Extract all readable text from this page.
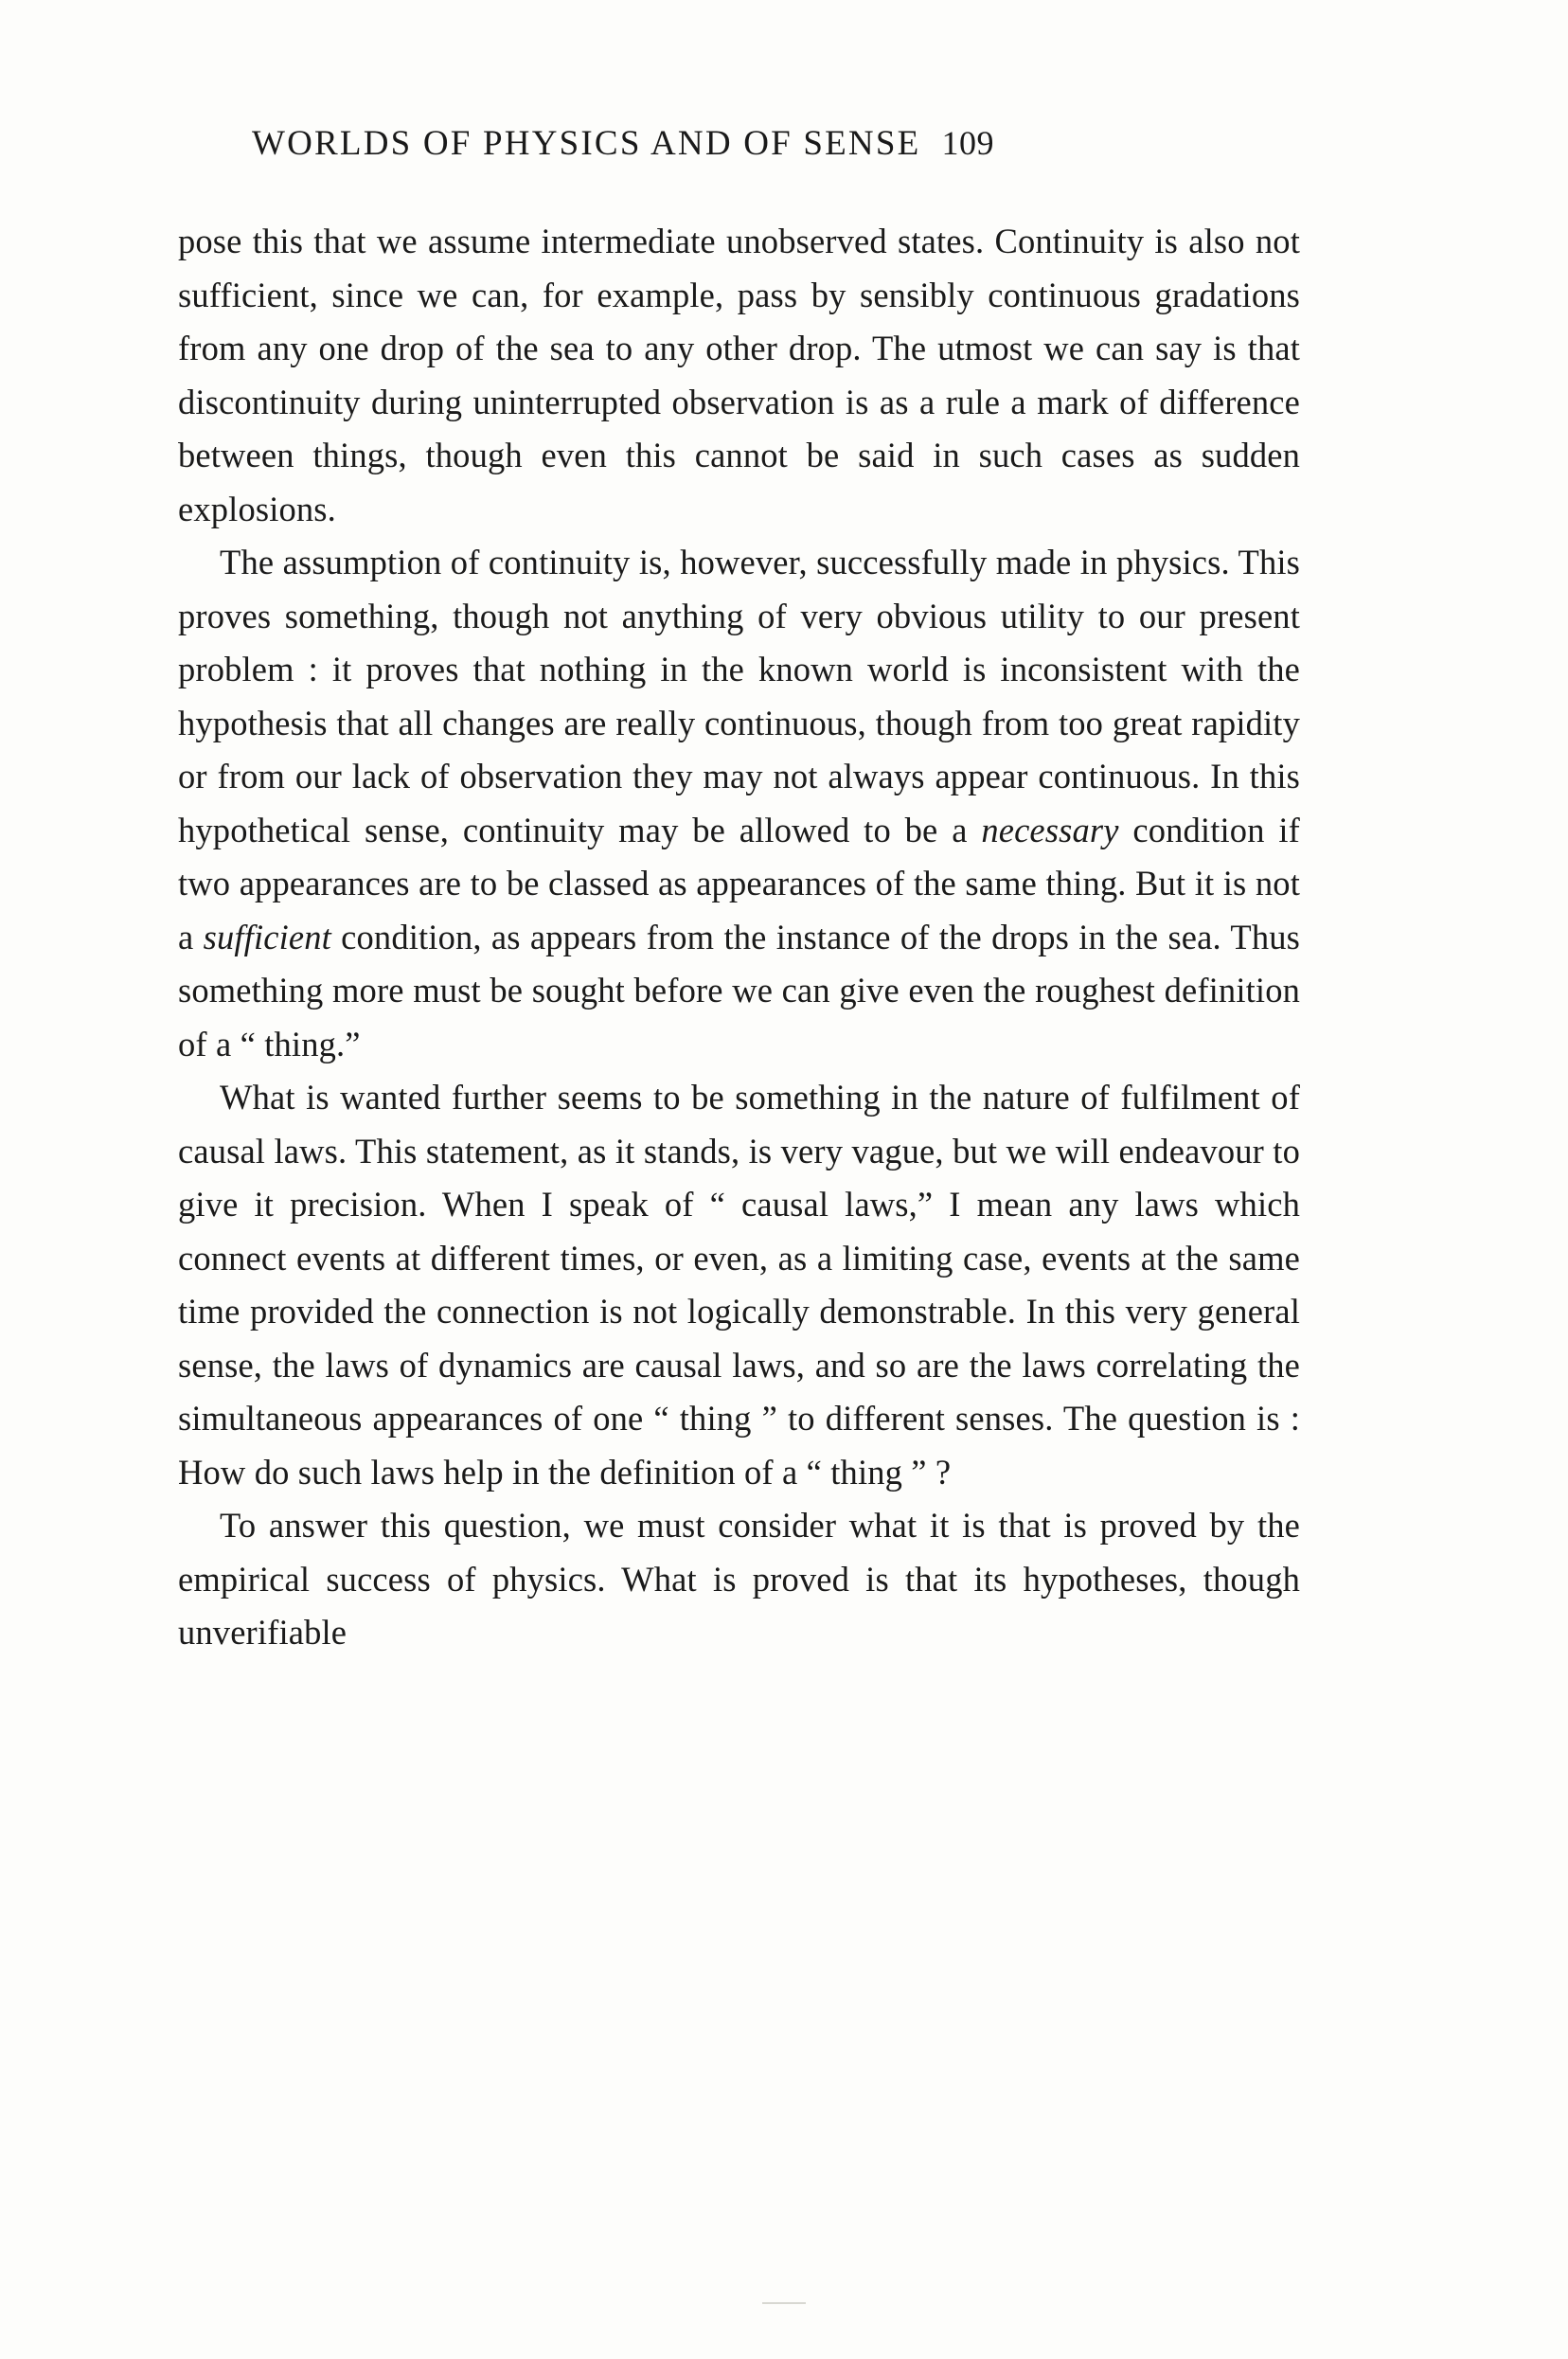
WORLDS OF PHYSICS AND OF SENSE 109

pose this that we assume intermediate unobserved states. Continuity is also not sufficient, since we can, for example, pass by sensibly continuous gradations from any one drop of the sea to any other drop. The utmost we can say is that discontinuity during uninterrupted observation is as a rule a mark of difference between things, though even this cannot be said in such cases as sudden explosions.

The assumption of continuity is, however, successfully made in physics. This proves something, though not anything of very obvious utility to our present problem : it proves that nothing in the known world is inconsistent with the hypothesis that all changes are really continuous, though from too great rapidity or from our lack of observation they may not always appear continuous. In this hypothetical sense, continuity may be allowed to be a necessary condition if two appearances are to be classed as appearances of the same thing. But it is not a sufficient condition, as appears from the instance of the drops in the sea. Thus something more must be sought before we can give even the roughest definition of a “ thing.”

What is wanted further seems to be something in the nature of fulfilment of causal laws. This statement, as it stands, is very vague, but we will endeavour to give it precision. When I speak of “ causal laws,” I mean any laws which connect events at different times, or even, as a limiting case, events at the same time provided the connection is not logically demonstrable. In this very general sense, the laws of dynamics are causal laws, and so are the laws correlating the simultaneous appearances of one “ thing ” to different senses. The question is : How do such laws help in the definition of a “ thing ” ?

To answer this question, we must consider what it is that is proved by the empirical success of physics. What is proved is that its hypotheses, though unverifiable
